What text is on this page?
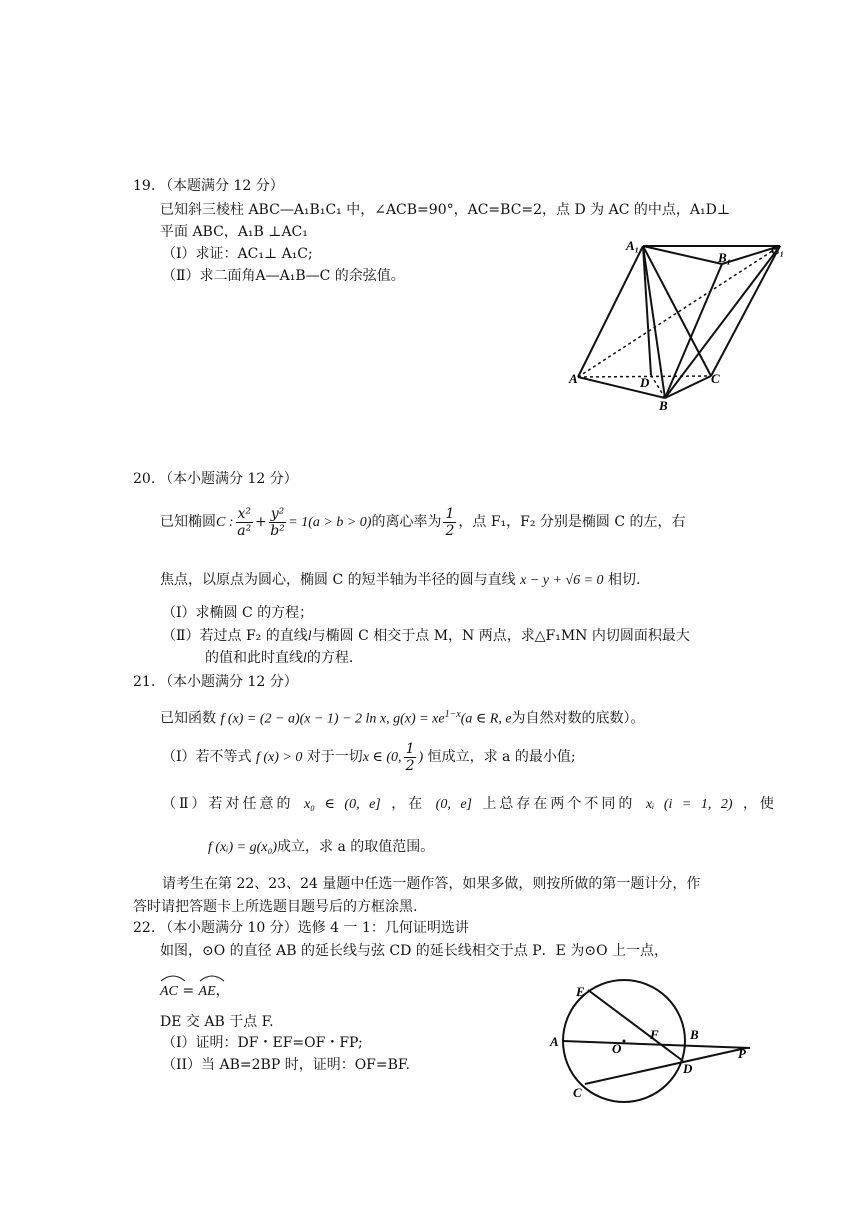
19. （本题满分 12 分）
已知斜三棱柱 ABC—A₁B₁C₁ 中，∠ACB=90°，AC=BC=2，点 D 为 AC 的中点，A₁D⊥
平面 ABC，A₁B ⊥AC₁
（I）求证：AC₁⊥ A₁C;
（Ⅱ）求二面角A—A₁B—C 的余弦值。
A₁
B₁
C₁
A	D	C
B
20. （本小题满分 12 分）
已知椭圆C : $\frac{\text{x²}}{\text{a²}} + \frac{\text{y²}}{\text{b²}} = 1(a > b > 0)$的离心率为 $\frac{1}{2}$ ，点 F₁，F₂ 分别是椭圆 C 的左，右
焦点，以原点为圆心，椭圆 C 的短半轴为半径的圆与直线 x − y + √6 = 0 相切.
（I）求椭圆 C 的方程；
（Ⅱ）若过点 F₂ 的直线l与椭圆 C 相交于点 M，N 两点，求△F₁MN 内切圆面积最大
的值和此时直线l的方程.
21. （本小题满分 12 分）
已知函数 f (x) = (2 − a)(x − 1) − 2 ln x, $g(x) = xe^{1-x}(a$ ∈ R, e为自然对数的底数）。
（I）若不等式 f (x) > 0 对于一切x ∈ (0, $\frac{1}{2}$ ) 恒成立，求 a 的最小值;
（Ⅱ）若对任意的 x₀ ∈ (0, e] ，在 (0, e] 上总存在两个不同的 xᵢ (i = 1, 2) ，使
f (xᵢ) = g(x₀)成立，求 a 的取值范围。
请考生在第 22、23、24 量题中任选一题作答，如果多做，则按所做的第一题计分，作
答时请把答题卡上所选题目题号后的方框涂黑.
22. （本小题满分 10 分）选修 4 一 1：几何证明选讲
如图，⊙O 的直径 AB 的延长线与弦 CD 的延长线相交于点 P．E 为⊙O 上一点，
AC = AE，
DE 交 AB 于点 F.
（I）证明：DF・EF=OF・FP;
（II）当 AB=2BP 时，证明：OF=BF.
E
A	O
F B
D
P
C
